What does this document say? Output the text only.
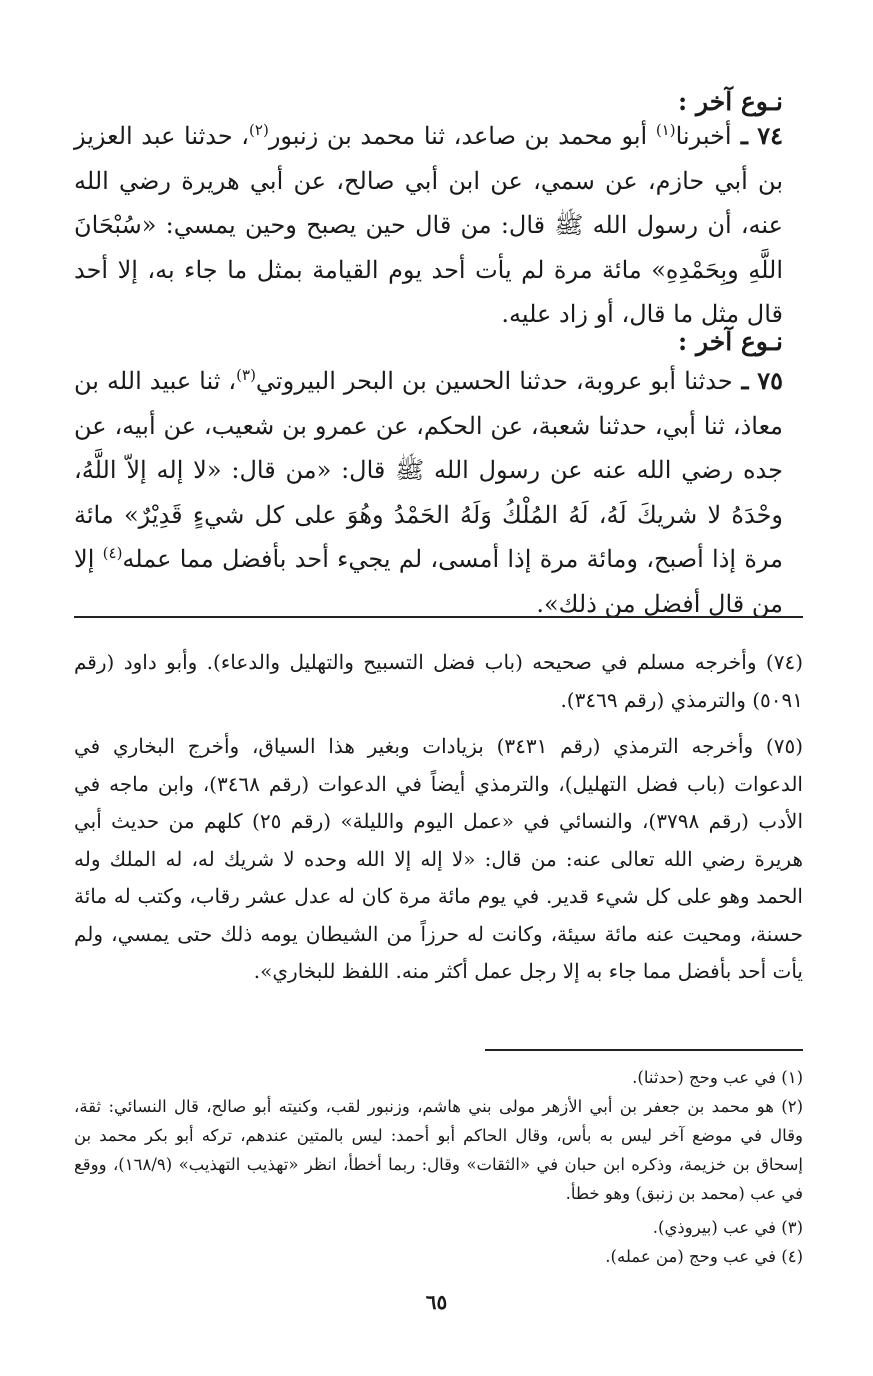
نـوع آخر :

٧٤ ـ أخبرنا$^{(١)}$ أبو محمد بن صاعد، ثنا محمد بن زنبور$^{(٢)}$، حدثنا عبد العزيز بن أبي حازم، عن سمي، عن ابن أبي صالح، عن أبي هريرة رضي الله عنه، أن رسول الله ﷺ قال: من قال حين يصبح وحين يمسي: «سُبْحَانَ اللَّهِ وبِحَمْدِهِ» مائة مرة لم يأت أحد يوم القيامة بمثل ما جاء به، إلا أحد قال مثل ما قال، أو زاد عليه.

نـوع آخر :

٧٥ ـ حدثنا أبو عروبة، حدثنا الحسين بن البحر البيروتي$^{(٣)}$، ثنا عبيد الله بن معاذ، ثنا أبي، حدثنا شعبة، عن الحكم، عن عمرو بن شعيب، عن أبيه، عن جده رضي الله عنه عن رسول الله ﷺ قال: «من قال: «لا إله إلاّ اللَّهُ، وحْدَهُ لا شريكَ لَهُ، لَهُ المُلْكُ وَلَهُ الحَمْدُ وهُوَ على كل شيءٍ قَدِيْرٌ» مائة مرة إذا أصبح، ومائة مرة إذا أمسى، لم يجيء أحد بأفضل مما عمله$^{(٤)}$ إلا من قال أفضل من ذلك».

(٧٤) وأخرجه مسلم في صحيحه (باب فضل التسبيح والتهليل والدعاء). وأبو داود (رقم ٥٠٩١) والترمذي (رقم ٣٤٦٩).

(٧٥) وأخرجه الترمذي (رقم ٣٤٣١) بزيادات وبغير هذا السياق، وأخرج البخاري في الدعوات (باب فضل التهليل)، والترمذي أيضاً في الدعوات (رقم ٣٤٦٨)، وابن ماجه في الأدب (رقم ٣٧٩٨)، والنسائي في «عمل اليوم والليلة» (رقم ٢٥) كلهم من حديث أبي هريرة رضي الله تعالى عنه: من قال: «لا إله إلا الله وحده لا شريك له، له الملك وله الحمد وهو على كل شيء قدير. في يوم مائة مرة كان له عدل عشر رقاب، وكتب له مائة حسنة، ومحيت عنه مائة سيئة، وكانت له حرزاً من الشيطان يومه ذلك حتى يمسي، ولم يأت أحد بأفضل مما جاء به إلا رجل عمل أكثر منه. اللفظ للبخاري».

(١) في عب وحج (حدثنا).

(٢) هو محمد بن جعفر بن أبي الأزهر مولى بني هاشم، وزنبور لقب، وكنيته أبو صالح، قال النسائي: ثقة، وقال في موضع آخر ليس به بأس، وقال الحاكم أبو أحمد: ليس بالمتين عندهم، تركه أبو بكر محمد بن إسحاق بن خزيمة، وذكره ابن حبان في «الثقات» وقال: ربما أخطأ، انظر «تهذيب التهذيب» (١٦٨/٩)، ووقع في عب (محمد بن زنبق) وهو خطأ.

(٣) في عب (بيروذي).

(٤) في عب وحج (من عمله).

٦٥
